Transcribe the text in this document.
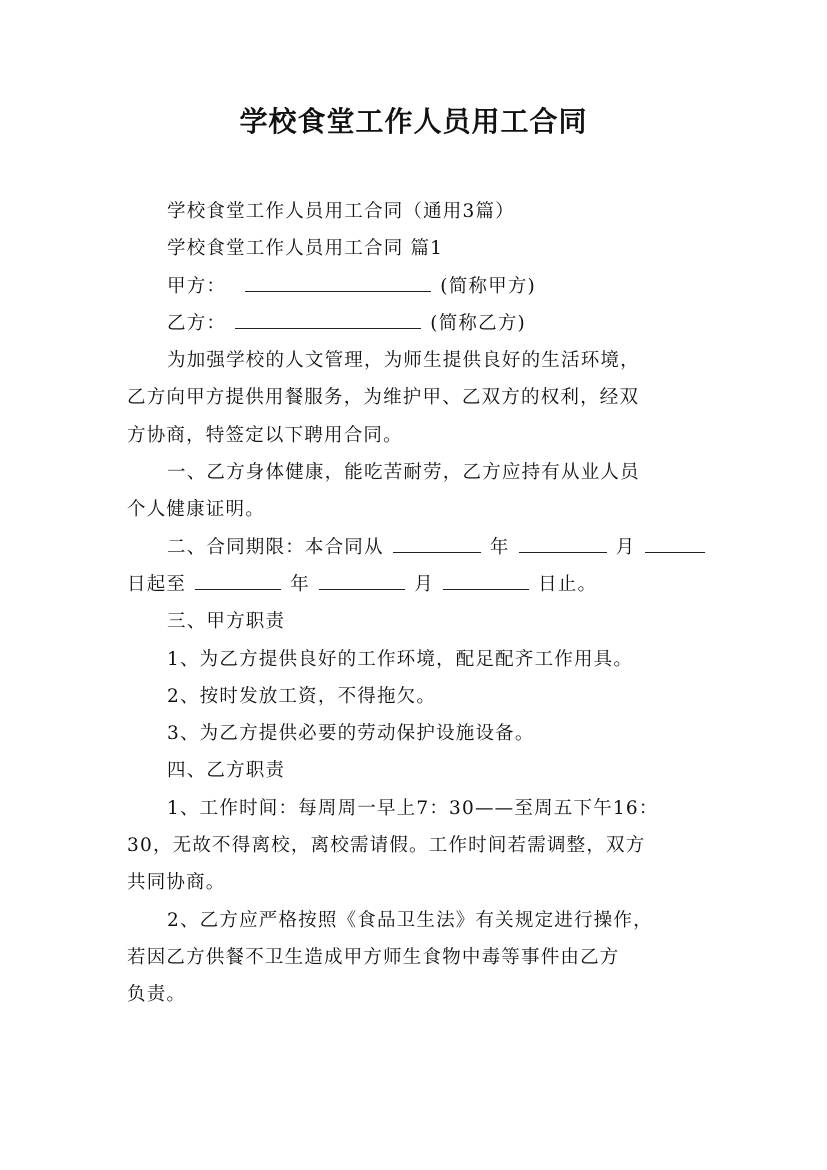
学校食堂工作人员用工合同
学校食堂工作人员用工合同（通用3篇）
学校食堂工作人员用工合同 篇1
甲方：	(简称甲方)
乙方：	(简称乙方)
为加强学校的人文管理，为师生提供良好的生活环境，
乙方向甲方提供用餐服务，为维护甲、乙双方的权利，经双
方协商，特签定以下聘用合同。
一、乙方身体健康，能吃苦耐劳，乙方应持有从业人员
个人健康证明。
二、合同期限：本合同从	年	月
日起至	年	月	日止。
三、甲方职责
1、为乙方提供良好的工作环境，配足配齐工作用具。
2、按时发放工资，不得拖欠。
3、为乙方提供必要的劳动保护设施设备。
四、乙方职责
1、工作时间：每周周一早上7：30——至周五下午16：
30，无故不得离校，离校需请假。工作时间若需调整，双方
共同协商。
2、乙方应严格按照《食品卫生法》有关规定进行操作，
若因乙方供餐不卫生造成甲方师生食物中毒等事件由乙方
负责。
